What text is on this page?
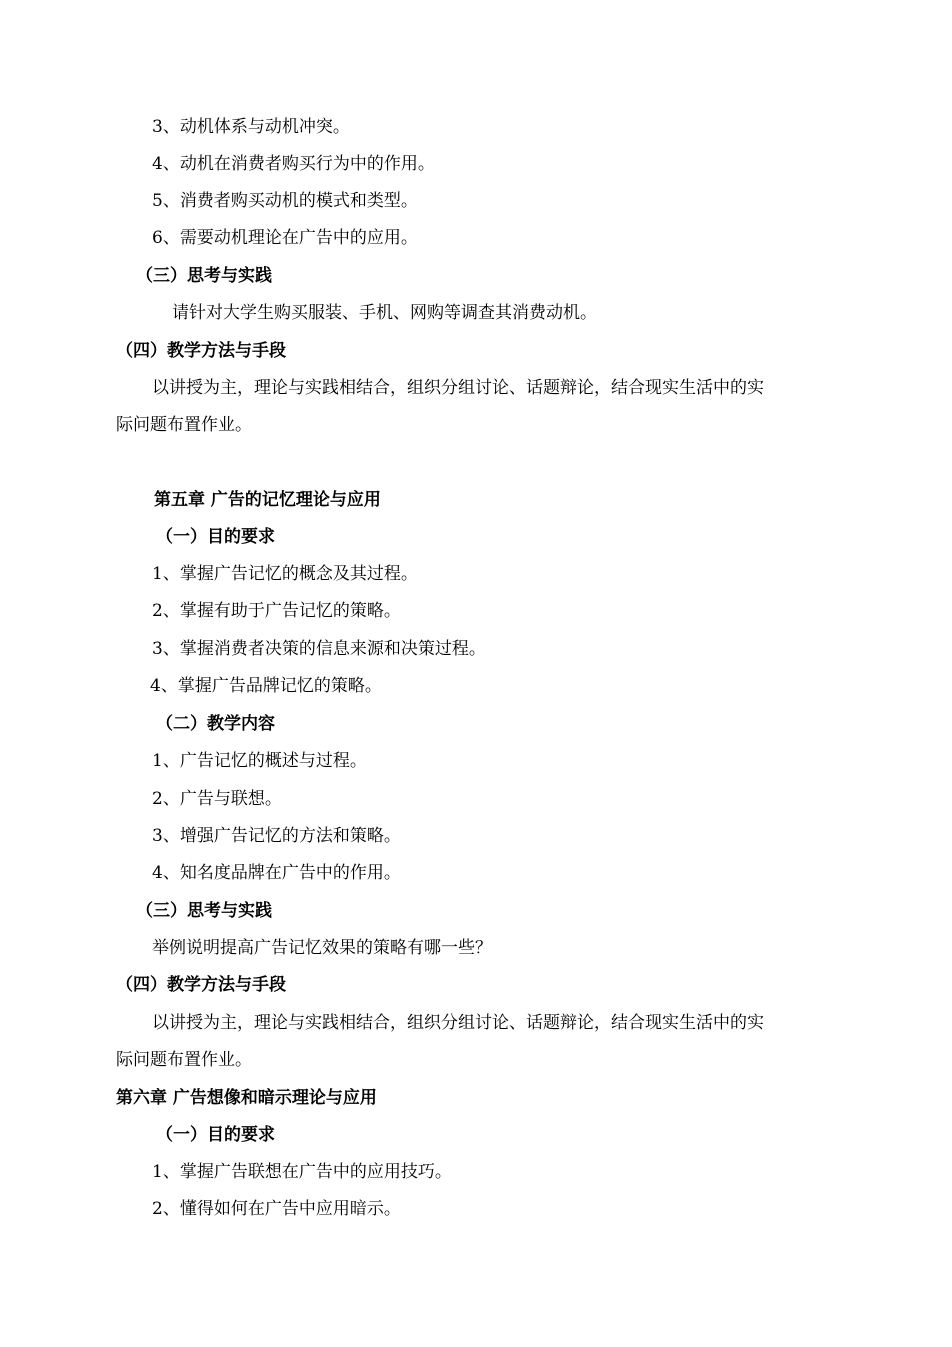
3、动机体系与动机冲突。
4、动机在消费者购买行为中的作用。
5、消费者购买动机的模式和类型。
6、需要动机理论在广告中的应用。
（三）思考与实践
请针对大学生购买服装、手机、网购等调查其消费动机。
（四）教学方法与手段
以讲授为主，理论与实践相结合，组织分组讨论、话题辩论，结合现实生活中的实
际问题布置作业。
第五章 广告的记忆理论与应用
（一）目的要求
1、掌握广告记忆的概念及其过程。
2、掌握有助于广告记忆的策略。
3、掌握消费者决策的信息来源和决策过程。
4、掌握广告品牌记忆的策略。
（二）教学内容
1、广告记忆的概述与过程。
2、广告与联想。
3、增强广告记忆的方法和策略。
4、知名度品牌在广告中的作用。
（三）思考与实践
举例说明提高广告记忆效果的策略有哪一些？
（四）教学方法与手段
以讲授为主，理论与实践相结合，组织分组讨论、话题辩论，结合现实生活中的实
际问题布置作业。
第六章 广告想像和暗示理论与应用
（一）目的要求
1、掌握广告联想在广告中的应用技巧。
2、懂得如何在广告中应用暗示。
